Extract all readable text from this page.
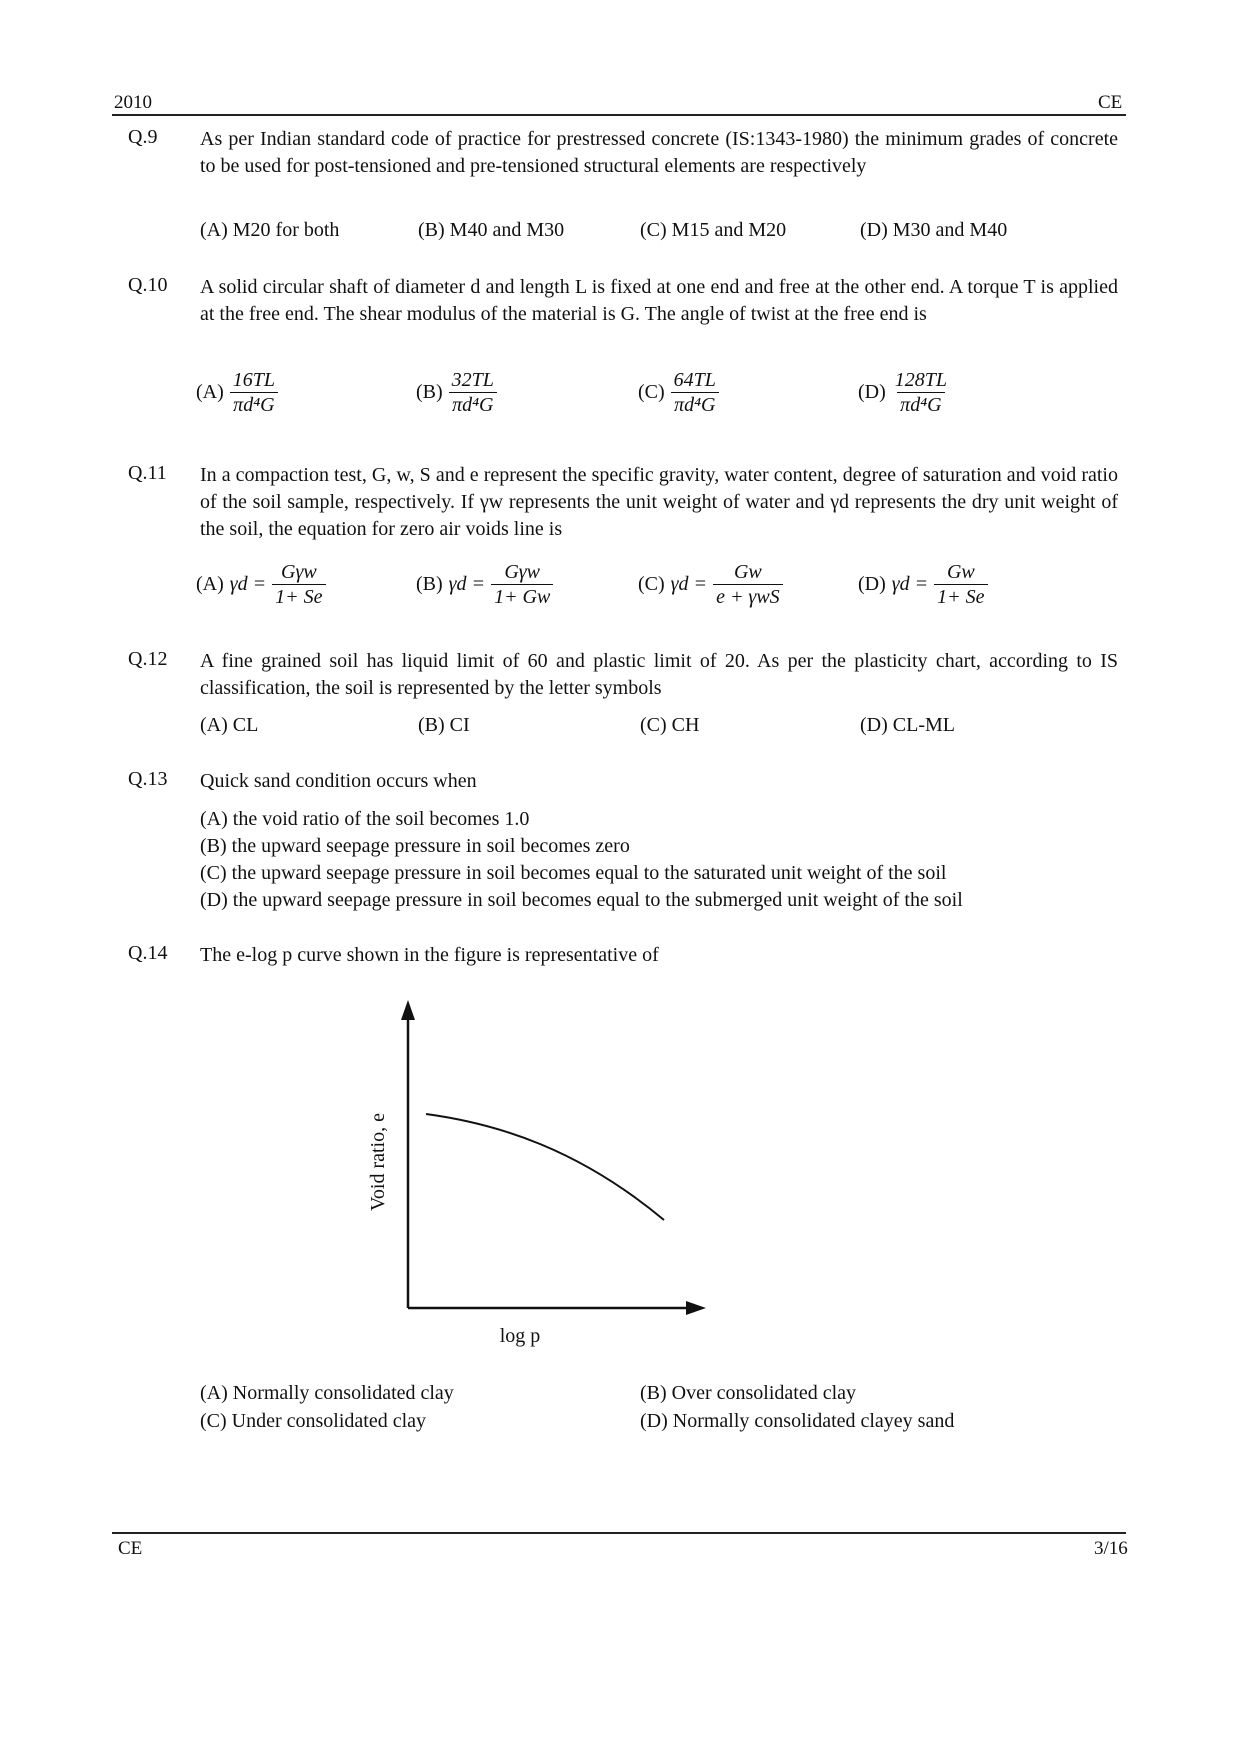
2010	CE
Q.9 As per Indian standard code of practice for prestressed concrete (IS:1343-1980) the minimum grades of concrete to be used for post-tensioned and pre-tensioned structural elements are respectively
(A) M20 for both	(B) M40 and M30	(C) M15 and M20	(D) M30 and M40
Q.10 A solid circular shaft of diameter d and length L is fixed at one end and free at the other end. A torque T is applied at the free end. The shear modulus of the material is G. The angle of twist at the free end is
$(A) \frac{16TL}{\text{πd⁴G}}$	$(B) \frac{32TL}{\text{πd⁴G}}$	$(C) \frac{64TL}{\text{πd⁴G}}$	$(D) \frac{128TL}{\text{πd⁴G}}$
Q.11 In a compaction test, G, w, S and e represent the specific gravity, water content, degree of saturation and void ratio of the soil sample, respectively. If γw represents the unit weight of water and γd represents the dry unit weight of the soil, the equation for zero air voids line is
(A) $\gamma d = \frac{\text{Gγw}}{1+ Se}$	(B) $\gamma d = \frac{\text{Gγw}}{1+ Gw}$	(C) $\gamma d = \frac{Gw}{\text{e + γwS}}$	(D) $\gamma d = \frac{Gw}{1+ Se}$
Q.12 A fine grained soil has liquid limit of 60 and plastic limit of 20. As per the plasticity chart, according to IS classification, the soil is represented by the letter symbols
(A) CL	(B) CI	(C) CH	(D) CL-ML
Q.13 Quick sand condition occurs when
(A) the void ratio of the soil becomes 1.0
(B) the upward seepage pressure in soil becomes zero
(C) the upward seepage pressure in soil becomes equal to the saturated unit weight of the soil
(D) the upward seepage pressure in soil becomes equal to the submerged unit weight of the soil
Q.14 The e-log p curve shown in the figure is representative of
Void ratio, e
log p
(A) Normally consolidated clay	(B) Over consolidated clay
(C) Under consolidated clay	(D) Normally consolidated clayey sand
CE	3/16
